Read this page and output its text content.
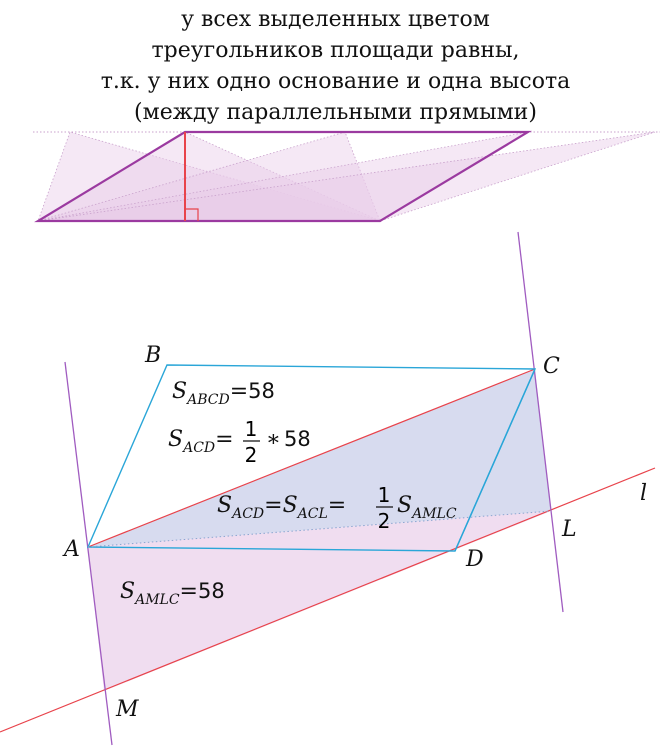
у всех выделенных цветом
треугольников площади равны,
т.к. у них одно основание и одна высота
(между параллельными прямыми)
B	C
A	D
L
M
l
$S_{ABCD}=58$
$S_{ACD}= 1$
2
∗ 58
$S_{ACD}=S_{ACL}= 1$
2
$S_{AMLC}$
$S_{AMLC}=58$
